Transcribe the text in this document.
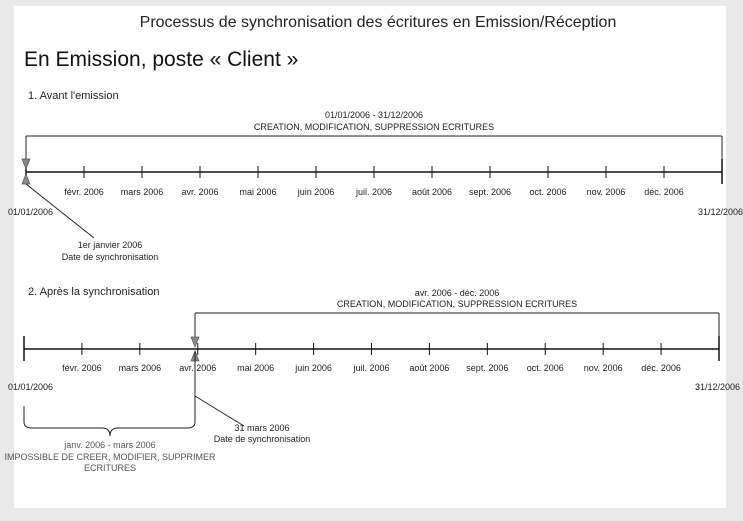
Processus de synchronisation des écritures en Emission/Réception
En Emission, poste « Client »
1. Avant l'emission
01/01/2006 - 31/12/2006
CREATION, MODIFICATION, SUPPRESSION ECRITURES
01/01/2006	31/12/2006
1er janvier 2006
Date de synchronisation
2. Après la synchronisation	avr. 2006 - déc. 2006
CREATION, MODIFICATION, SUPPRESSION ECRITURES
01/01/2006	31/12/2006
31 mars 2006
Date de synchronisation
janv. 2006 - mars 2006
IMPOSSIBLE DE CREER, MODIFIER, SUPPRIMER
ECRITURES
févr. 2006 mars 2006 avr. 2006 mai 2006 juin 2006 juil. 2006 août 2006 sept. 2006 oct. 2006 nov. 2006 déc. 2006
févr. 2006 mars 2006 avr. 2006 mai 2006 juin 2006 juil. 2006 août 2006 sept. 2006 oct. 2006 nov. 2006 déc. 2006
